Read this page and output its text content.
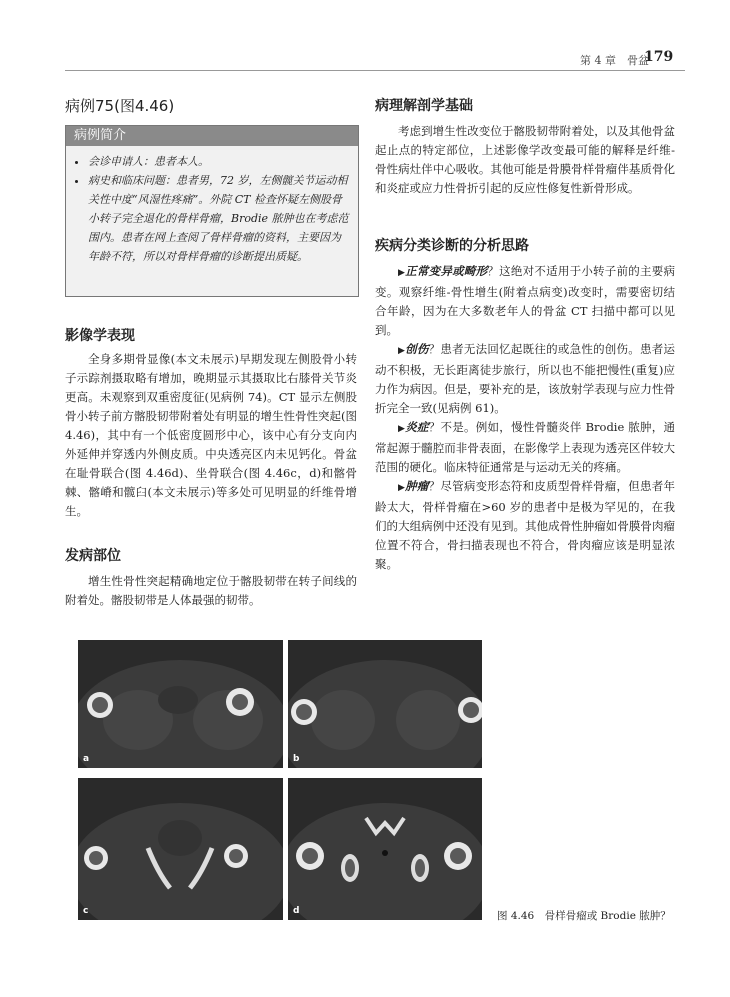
第 4 章　骨盆
179
病例75(图4.46)
病例简介
• 会诊申请人：患者本人。
• 病史和临床问题：患者男，72 岁，左侧髋关节运动相关性中度“风湿性疼痛”。外院 CT 检查怀疑左侧股骨小转子完全退化的骨样骨瘤，Brodie 脓肿也在考虑范围内。患者在网上查阅了骨样骨瘤的资料，主要因为年龄不符，所以对骨样骨瘤的诊断提出质疑。
影像学表现

全身多期骨显像(本文未展示)早期发现左侧股骨小转子示踪剂摄取略有增加，晚期显示其摄取比右膝骨关节炎更高。未观察到双重密度征(见病例 74)。CT 显示左侧股骨小转子前方髂股韧带附着处有明显的增生性骨性突起(图 4.46)，其中有一个低密度圆形中心，该中心有分支向内外延伸并穿透内外侧皮质。中央透亮区内未见钙化。骨盆在耻骨联合(图 4.46d)、坐骨联合(图 4.46c，d)和髂骨棘、髂嵴和髋臼(本文未展示)等多处可见明显的纤维骨增生。

发病部位

增生性骨性突起精确地定位于髂股韧带在转子间线的附着处。髂股韧带是人体最强的韧带。

病理解剖学基础

考虑到增生性改变位于髂股韧带附着处，以及其他骨盆起止点的特定部位，上述影像学改变最可能的解释是纤维-骨性病灶伴中心吸收。其他可能是骨膜骨样骨瘤伴基质骨化和炎症或应力性骨折引起的反应性修复性新骨形成。

疾病分类诊断的分析思路

▶正常变异或畸形？这绝对不适用于小转子前的主要病变。观察纤维-骨性增生(附着点病变)改变时，需要密切结合年龄，因为在大多数老年人的骨盆 CT 扫描中都可以见到。

▶创伤？患者无法回忆起既往的或急性的创伤。患者运动不积极，无长距离徒步旅行，所以也不能把慢性(重复)应力作为病因。但是，要补充的是，该放射学表现与应力性骨折完全一致(见病例 61)。

▶炎症？不是。例如，慢性骨髓炎伴 Brodie 脓肿，通常起源于髓腔而非骨表面，在影像学上表现为透亮区伴较大范围的硬化。临床特征通常是与运动无关的疼痛。

▶肿瘤？尽管病变形态符和皮质型骨样骨瘤，但患者年龄太大，骨样骨瘤在>60 岁的患者中是极为罕见的，在我们的大组病例中还没有见到。其他成骨性肿瘤如骨膜骨肉瘤位置不符合，骨扫描表现也不符合，骨肉瘤应该是明显浓聚。

a	b
c	d	图 4.46　骨样骨瘤或 Brodie 脓肿？
